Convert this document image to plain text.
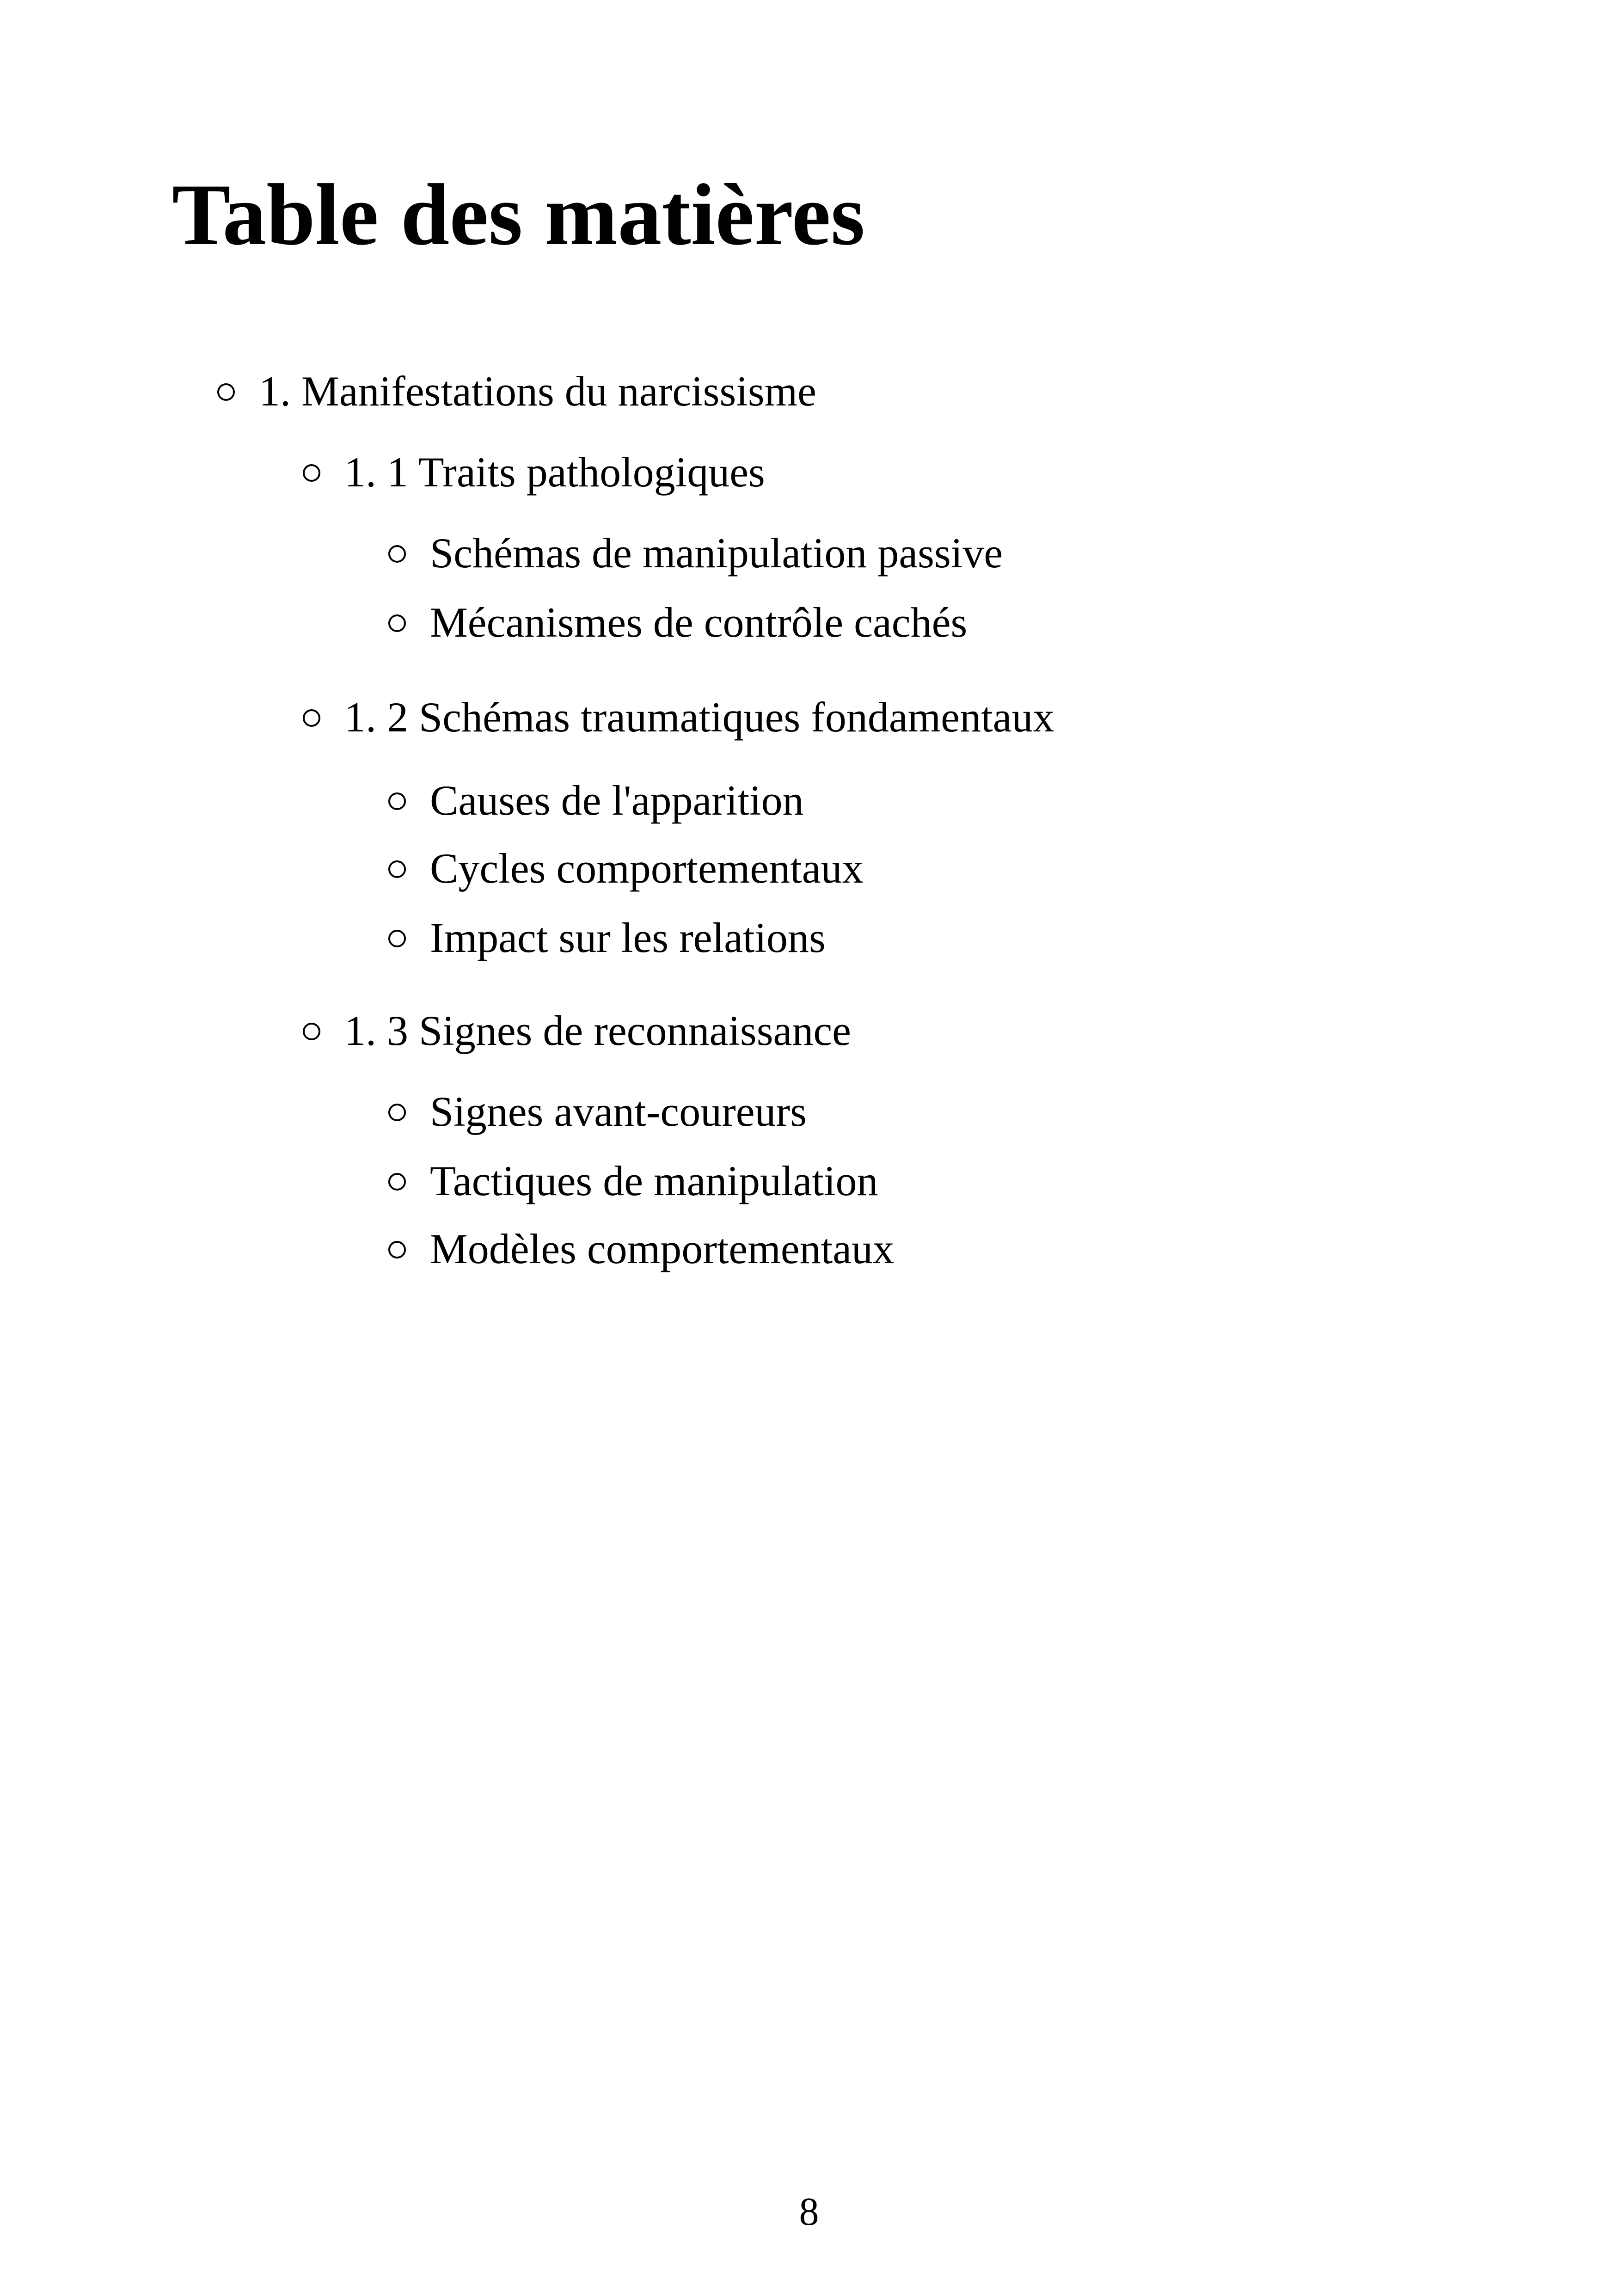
Table des matières
1. Manifestations du narcissisme
1. 1 Traits pathologiques
Schémas de manipulation passive
Mécanismes de contrôle cachés
1. 2 Schémas traumatiques fondamentaux
Causes de l'apparition
Cycles comportementaux
Impact sur les relations
1. 3 Signes de reconnaissance
Signes avant-coureurs
Tactiques de manipulation
Modèles comportementaux
8
